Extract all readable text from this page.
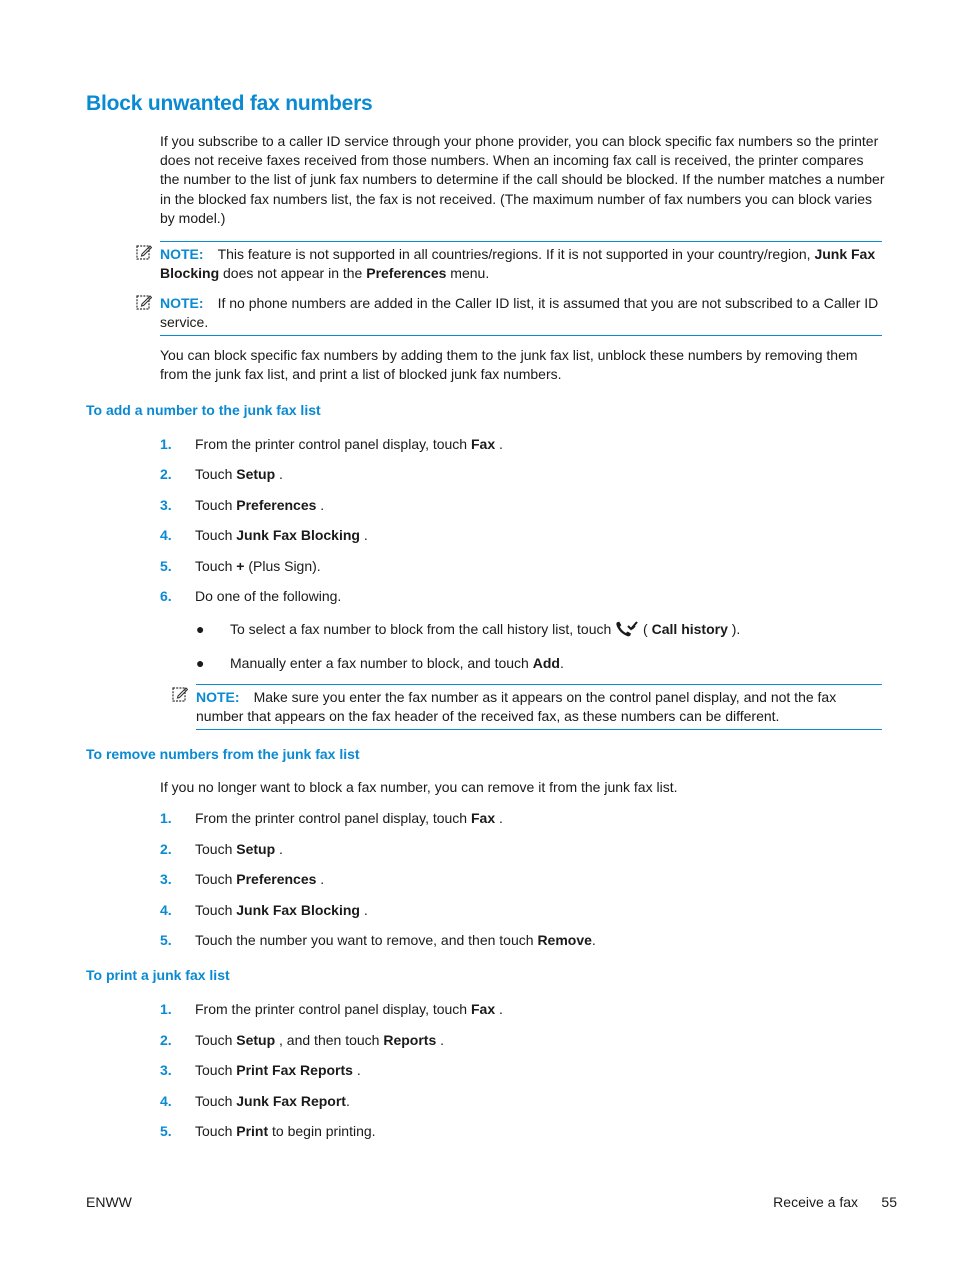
Block unwanted fax numbers

If you subscribe to a caller ID service through your phone provider, you can block specific fax numbers so the printer does not receive faxes received from those numbers. When an incoming fax call is received, the printer compares the number to the list of junk fax numbers to determine if the call should be blocked. If the number matches a number in the blocked fax numbers list, the fax is not received. (The maximum number of fax numbers you can block varies by model.)

NOTE: This feature is not supported in all countries/regions. If it is not supported in your country/region, Junk Fax Blocking does not appear in the Preferences menu.
NOTE: If no phone numbers are added in the Caller ID list, it is assumed that you are not subscribed to a Caller ID service.

You can block specific fax numbers by adding them to the junk fax list, unblock these numbers by removing them from the junk fax list, and print a list of blocked junk fax numbers.

To add a number to the junk fax list
1. From the printer control panel display, touch Fax .
2. Touch Setup .
3. Touch Preferences .
4. Touch Junk Fax Blocking .
5. Touch + (Plus Sign).
6. Do one of the following.
● To select a fax number to block from the call history list, touch  ( Call history ).
● Manually enter a fax number to block, and touch Add.
NOTE: Make sure you enter the fax number as it appears on the control panel display, and not the fax number that appears on the fax header of the received fax, as these numbers can be different.
To remove numbers from the junk fax list

If you no longer want to block a fax number, you can remove it from the junk fax list.

1. From the printer control panel display, touch Fax .
2. Touch Setup .
3. Touch Preferences .
4. Touch Junk Fax Blocking .
5. Touch the number you want to remove, and then touch Remove.
To print a junk fax list
1. From the printer control panel display, touch Fax .
2. Touch Setup , and then touch Reports .
3. Touch Print Fax Reports .
4. Touch Junk Fax Report.
5. Touch Print to begin printing.
ENWW	Receive a fax 55
